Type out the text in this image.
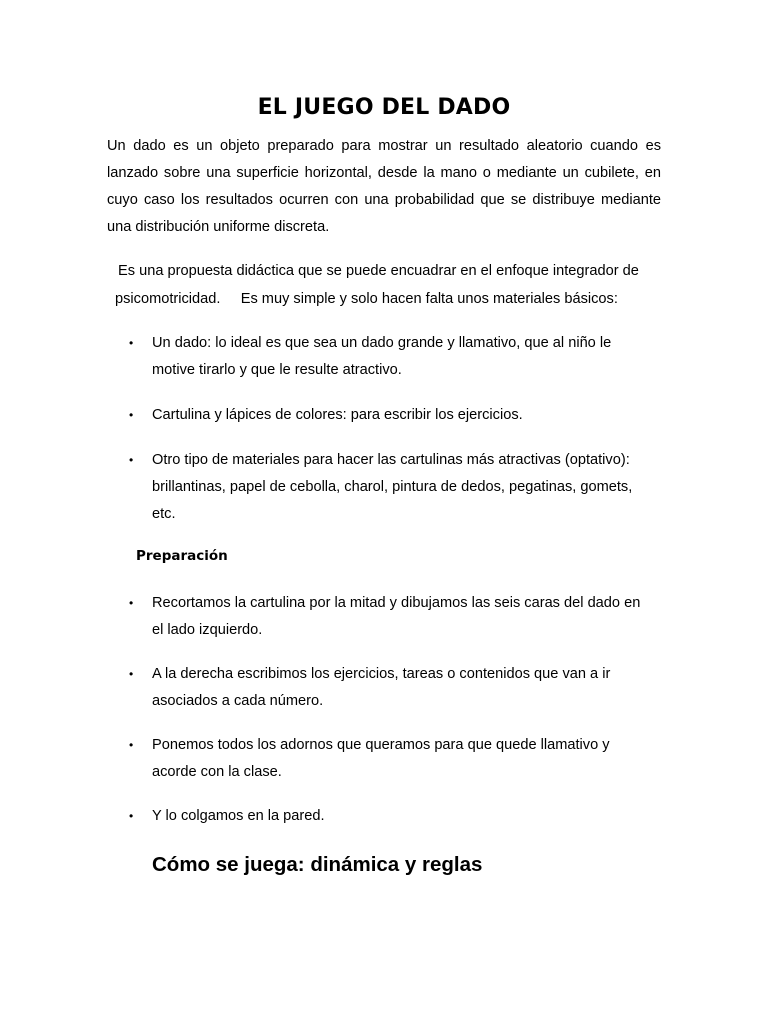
EL JUEGO DEL DADO

Un dado es un objeto preparado para mostrar un resultado aleatorio cuando es lanzado sobre una superficie horizontal, desde la mano o mediante un cubilete, en cuyo caso los resultados ocurren con una probabilidad que se distribuye mediante una distribución uniforme discreta.

Es una propuesta didáctica que se puede encuadrar en el enfoque integrador de
psicomotricidad.     Es muy simple y solo hacen falta unos materiales básicos:

• Un dado: lo ideal es que sea un dado grande y llamativo, que al niño le motive tirarlo y que le resulte atractivo.
• Cartulina y lápices de colores: para escribir los ejercicios.
• Otro tipo de materiales para hacer las cartulinas más atractivas (optativo): brillantinas, papel de cebolla, charol, pintura de dedos, pegatinas, gomets, etc.
Preparación
• Recortamos la cartulina por la mitad y dibujamos las seis caras del dado en el lado izquierdo.
• A la derecha escribimos los ejercicios, tareas o contenidos que van a ir asociados a cada número.
• Ponemos todos los adornos que queramos para que quede llamativo y acorde con la clase.
• Y lo colgamos en la pared.
Cómo se juega: dinámica y reglas
